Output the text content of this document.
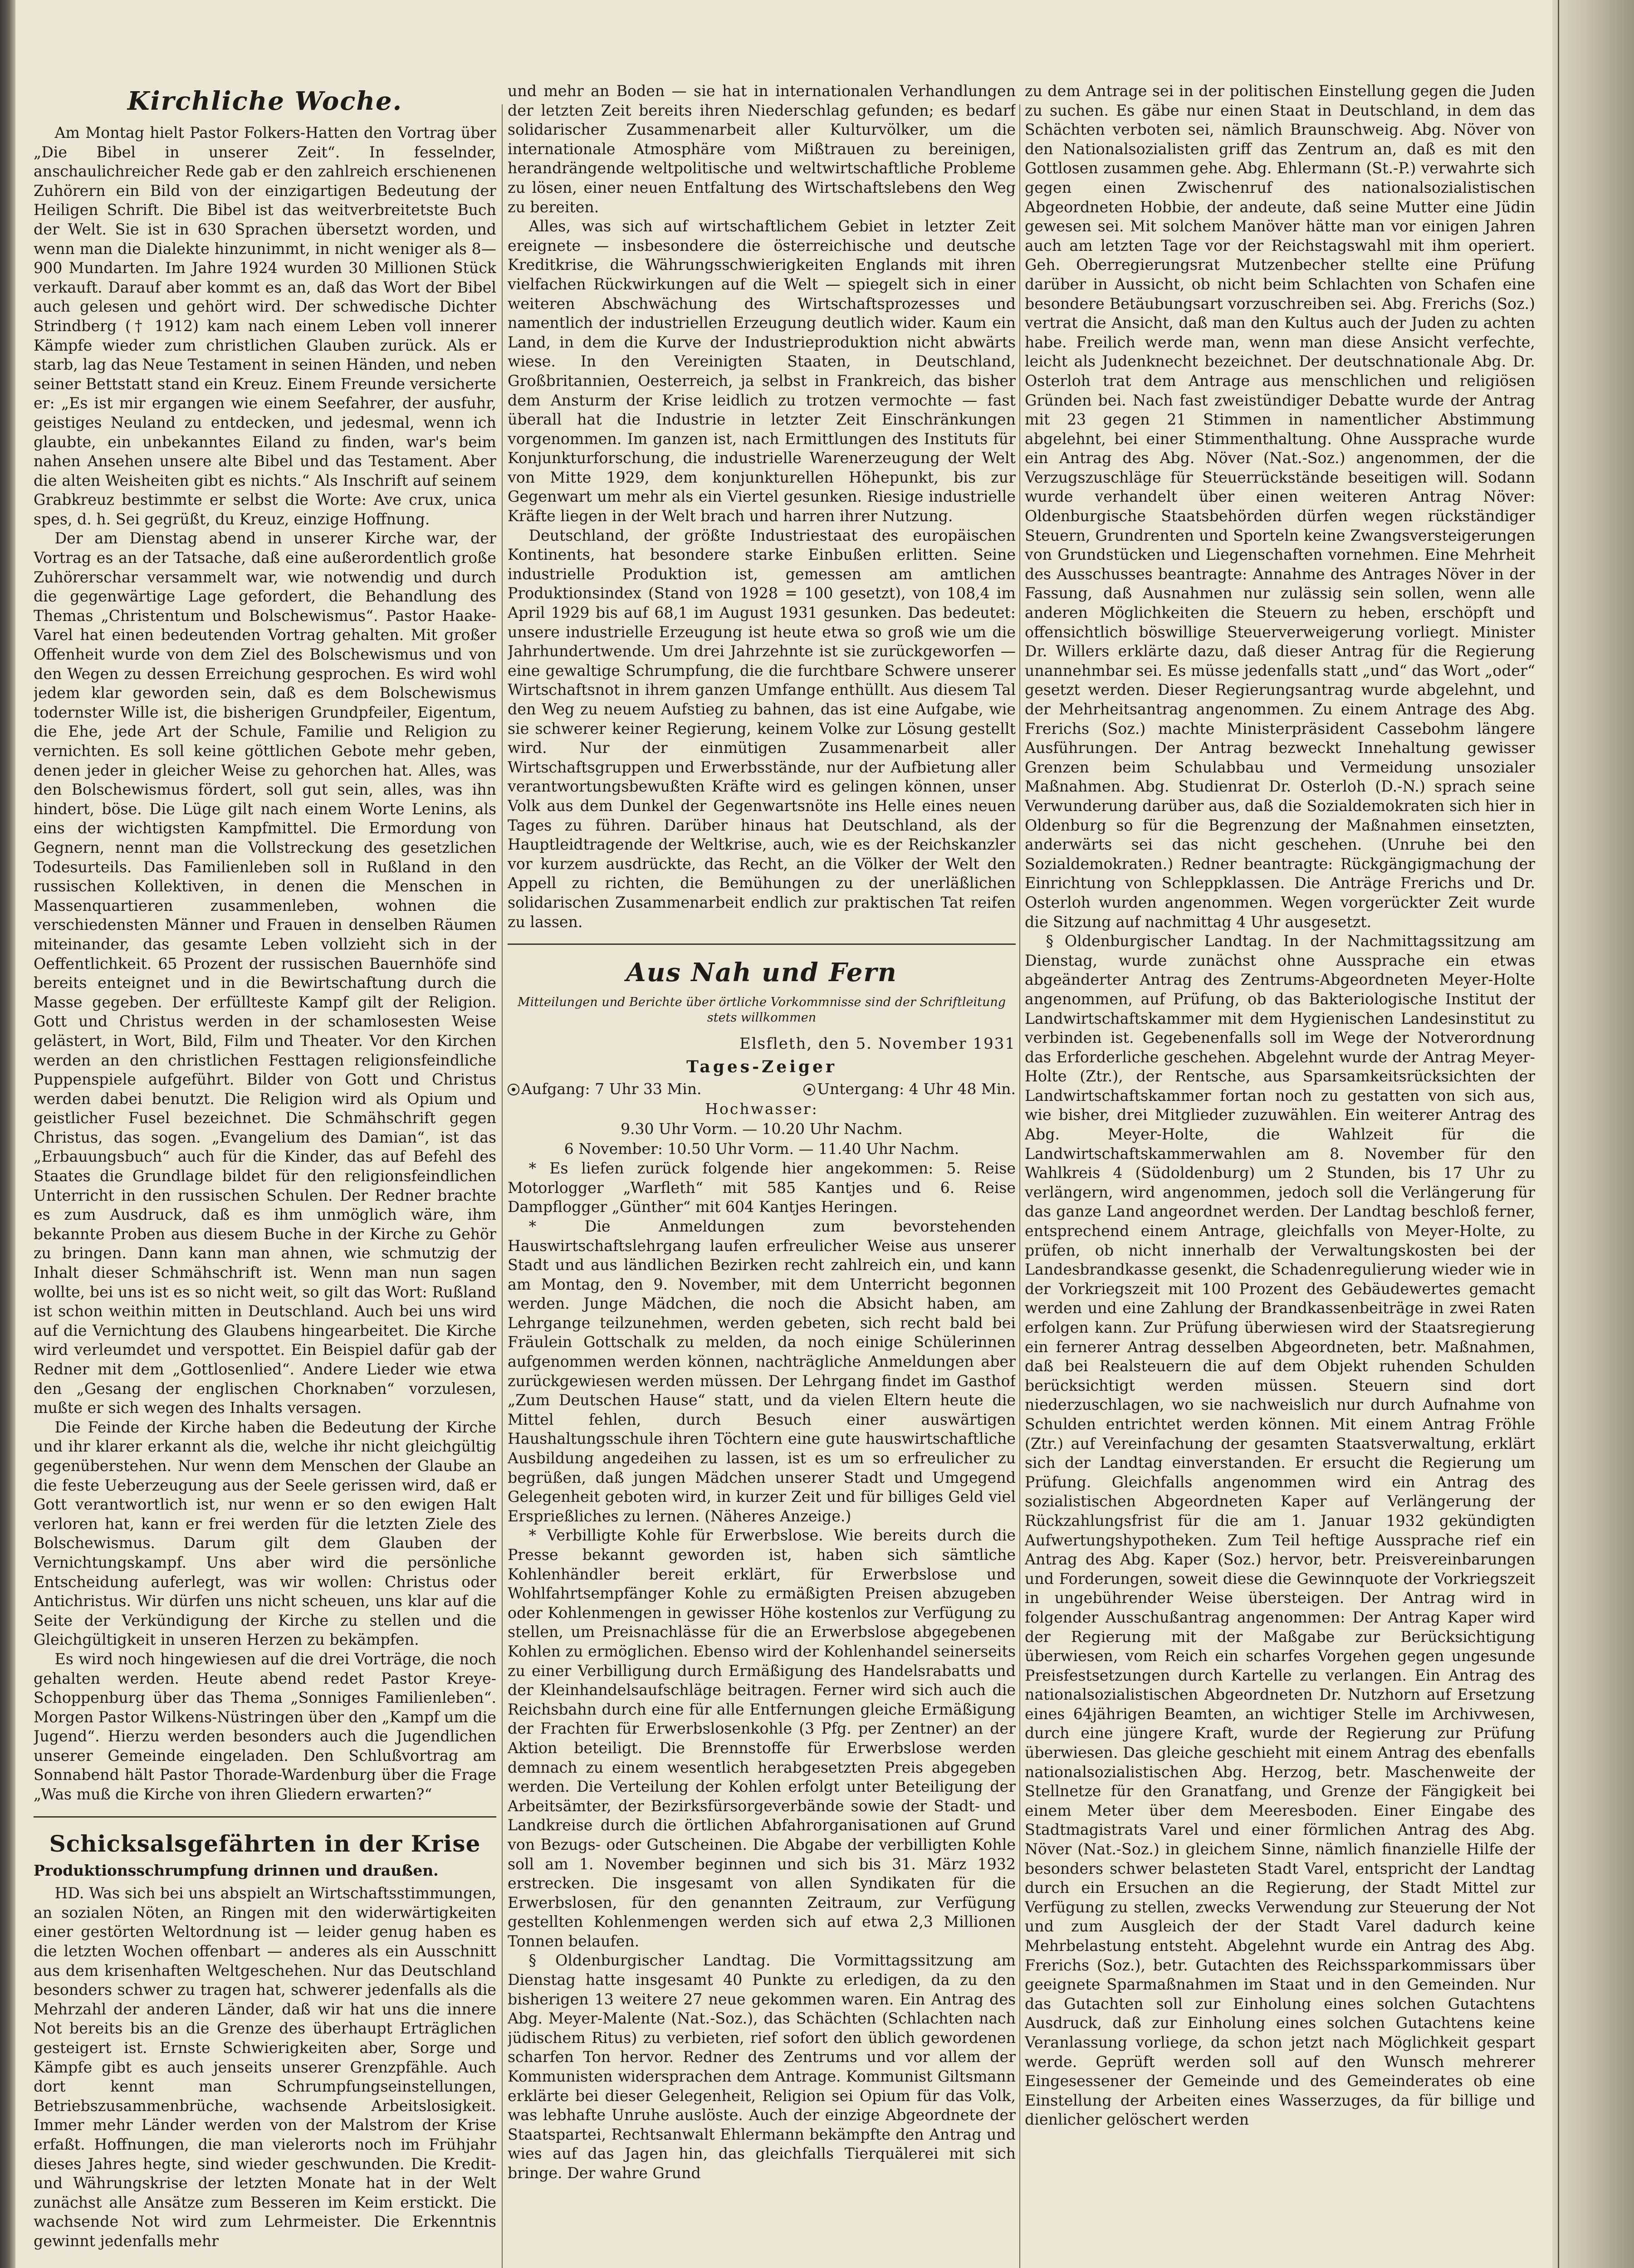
Kirchliche Woche.

Am Montag hielt Pastor Folkers-Hatten den Vortrag über „Die Bibel in unserer Zeit“. In fesselnder, anschaulichreicher Rede gab er den zahlreich erschienenen Zuhörern ein Bild von der einzigartigen Bedeutung der Heiligen Schrift. Die Bibel ist das weitverbreitetste Buch der Welt. Sie ist in 630 Sprachen übersetzt worden, und wenn man die Dialekte hinzunimmt, in nicht weniger als 8—900 Mundarten. Im Jahre 1924 wurden 30 Millionen Stück verkauft. Darauf aber kommt es an, daß das Wort der Bibel auch gelesen und gehört wird. Der schwedische Dichter Strindberg († 1912) kam nach einem Leben voll innerer Kämpfe wieder zum christlichen Glauben zurück. Als er starb, lag das Neue Testament in seinen Händen, und neben seiner Bettstatt stand ein Kreuz. Einem Freunde versicherte er: „Es ist mir ergangen wie einem Seefahrer, der ausfuhr, geistiges Neuland zu entdecken, und jedesmal, wenn ich glaubte, ein unbekanntes Eiland zu finden, war's beim nahen Ansehen unsere alte Bibel und das Testament. Aber die alten Weisheiten gibt es nichts.“ Als Inschrift auf seinem Grabkreuz bestimmte er selbst die Worte: Ave crux, unica spes, d. h. Sei gegrüßt, du Kreuz, einzige Hoffnung.

Der am Dienstag abend in unserer Kirche war, der Vortrag es an der Tatsache, daß eine außerordentlich große Zuhörerschar versammelt war, wie notwendig und durch die gegenwärtige Lage gefordert, die Behandlung des Themas „Christentum und Bolschewismus“. Pastor Haake-Varel hat einen bedeutenden Vortrag gehalten. Mit großer Offenheit wurde von dem Ziel des Bolschewismus und von den Wegen zu dessen Erreichung gesprochen. Es wird wohl jedem klar geworden sein, daß es dem Bolschewismus todernster Wille ist, die bisherigen Grundpfeiler, Eigentum, die Ehe, jede Art der Schule, Familie und Religion zu vernichten. Es soll keine göttlichen Gebote mehr geben, denen jeder in gleicher Weise zu gehorchen hat. Alles, was den Bolschewismus fördert, soll gut sein, alles, was ihn hindert, böse. Die Lüge gilt nach einem Worte Lenins, als eins der wichtigsten Kampfmittel. Die Ermordung von Gegnern, nennt man die Vollstreckung des gesetzlichen Todesurteils. Das Familienleben soll in Rußland in den russischen Kollektiven, in denen die Menschen in Massenquartieren zusammenleben, wohnen die verschiedensten Männer und Frauen in denselben Räumen miteinander, das gesamte Leben vollzieht sich in der Oeffentlichkeit. 65 Prozent der russischen Bauernhöfe sind bereits enteignet und in die Bewirtschaftung durch die Masse gegeben. Der erfüllteste Kampf gilt der Religion. Gott und Christus werden in der schamlosesten Weise gelästert, in Wort, Bild, Film und Theater. Vor den Kirchen werden an den christlichen Festtagen religionsfeindliche Puppenspiele aufgeführt. Bilder von Gott und Christus werden dabei benutzt. Die Religion wird als Opium und geistlicher Fusel bezeichnet. Die Schmähschrift gegen Christus, das sogen. „Evangelium des Damian“, ist das „Erbauungsbuch“ auch für die Kinder, das auf Befehl des Staates die Grundlage bildet für den religionsfeindlichen Unterricht in den russischen Schulen. Der Redner brachte es zum Ausdruck, daß es ihm unmöglich wäre, ihm bekannte Proben aus diesem Buche in der Kirche zu Gehör zu bringen. Dann kann man ahnen, wie schmutzig der Inhalt dieser Schmähschrift ist. Wenn man nun sagen wollte, bei uns ist es so nicht weit, so gilt das Wort: Rußland ist schon weithin mitten in Deutschland. Auch bei uns wird auf die Vernichtung des Glaubens hingearbeitet. Die Kirche wird verleumdet und verspottet. Ein Beispiel dafür gab der Redner mit dem „Gottlosenlied“. Andere Lieder wie etwa den „Gesang der englischen Chorknaben“ vorzulesen, mußte er sich wegen des Inhalts versagen.

Die Feinde der Kirche haben die Bedeutung der Kirche und ihr klarer erkannt als die, welche ihr nicht gleichgültig gegenüberstehen. Nur wenn dem Menschen der Glaube an die feste Ueberzeugung aus der Seele gerissen wird, daß er Gott verantwortlich ist, nur wenn er so den ewigen Halt verloren hat, kann er frei werden für die letzten Ziele des Bolschewismus. Darum gilt dem Glauben der Vernichtungskampf. Uns aber wird die persönliche Entscheidung auferlegt, was wir wollen: Christus oder Antichristus. Wir dürfen uns nicht scheuen, uns klar auf die Seite der Verkündigung der Kirche zu stellen und die Gleichgültigkeit in unseren Herzen zu bekämpfen.

Es wird noch hingewiesen auf die drei Vorträge, die noch gehalten werden. Heute abend redet Pastor Kreye-Schoppenburg über das Thema „Sonniges Familienleben“. Morgen Pastor Wilkens-Nüstringen über den „Kampf um die Jugend“. Hierzu werden besonders auch die Jugendlichen unserer Gemeinde eingeladen. Den Schlußvortrag am Sonnabend hält Pastor Thorade-Wardenburg über die Frage „Was muß die Kirche von ihren Gliedern erwarten?“

Schicksalsgefährten in der Krise

Produktionsschrumpfung drinnen und draußen.

HD. Was sich bei uns abspielt an Wirtschaftsstimmungen, an sozialen Nöten, an Ringen mit den widerwärtigkeiten einer gestörten Weltordnung ist — leider genug haben es die letzten Wochen offenbart — anderes als ein Ausschnitt aus dem krisenhaften Weltgeschehen. Nur das Deutschland besonders schwer zu tragen hat, schwerer jedenfalls als die Mehrzahl der anderen Länder, daß wir hat uns die innere Not bereits bis an die Grenze des überhaupt Erträglichen gesteigert ist. Ernste Schwierigkeiten aber, Sorge und Kämpfe gibt es auch jenseits unserer Grenzpfähle. Auch dort kennt man Schrumpfungseinstellungen, Betriebszusammenbrüche, wachsende Arbeitslosigkeit. Immer mehr Länder werden von der Malstrom der Krise erfaßt. Hoffnungen, die man vielerorts noch im Frühjahr dieses Jahres hegte, sind wieder geschwunden. Die Kredit- und Währungskrise der letzten Monate hat in der Welt zunächst alle Ansätze zum Besseren im Keim erstickt. Die wachsende Not wird zum Lehrmeister. Die Erkenntnis gewinnt jedenfalls mehr

und mehr an Boden — sie hat in internationalen Verhandlungen der letzten Zeit bereits ihren Niederschlag gefunden; es bedarf solidarischer Zusammenarbeit aller Kulturvölker, um die internationale Atmosphäre vom Mißtrauen zu bereinigen, herandrängende weltpolitische und weltwirtschaftliche Probleme zu lösen, einer neuen Entfaltung des Wirtschaftslebens den Weg zu bereiten.

Alles, was sich auf wirtschaftlichem Gebiet in letzter Zeit ereignete — insbesondere die österreichische und deutsche Kreditkrise, die Währungsschwierigkeiten Englands mit ihren vielfachen Rückwirkungen auf die Welt — spiegelt sich in einer weiteren Abschwächung des Wirtschaftsprozesses und namentlich der industriellen Erzeugung deutlich wider. Kaum ein Land, in dem die Kurve der Industrieproduktion nicht abwärts wiese. In den Vereinigten Staaten, in Deutschland, Großbritannien, Oesterreich, ja selbst in Frankreich, das bisher dem Ansturm der Krise leidlich zu trotzen vermochte — fast überall hat die Industrie in letzter Zeit Einschränkungen vorgenommen. Im ganzen ist, nach Ermittlungen des Instituts für Konjunkturforschung, die industrielle Warenerzeugung der Welt von Mitte 1929, dem konjunkturellen Höhepunkt, bis zur Gegenwart um mehr als ein Viertel gesunken. Riesige industrielle Kräfte liegen in der Welt brach und harren ihrer Nutzung.

Deutschland, der größte Industriestaat des europäischen Kontinents, hat besondere starke Einbußen erlitten. Seine industrielle Produktion ist, gemessen am amtlichen Produktionsindex (Stand von 1928 = 100 gesetzt), von 108,4 im April 1929 bis auf 68,1 im August 1931 gesunken. Das bedeutet: unsere industrielle Erzeugung ist heute etwa so groß wie um die Jahrhundertwende. Um drei Jahrzehnte ist sie zurückgeworfen — eine gewaltige Schrumpfung, die die furchtbare Schwere unserer Wirtschaftsnot in ihrem ganzen Umfange enthüllt. Aus diesem Tal den Weg zu neuem Aufstieg zu bahnen, das ist eine Aufgabe, wie sie schwerer keiner Regierung, keinem Volke zur Lösung gestellt wird. Nur der einmütigen Zusammenarbeit aller Wirtschaftsgruppen und Erwerbsstände, nur der Aufbietung aller verantwortungsbewußten Kräfte wird es gelingen können, unser Volk aus dem Dunkel der Gegenwartsnöte ins Helle eines neuen Tages zu führen. Darüber hinaus hat Deutschland, als der Hauptleidtragende der Weltkrise, auch, wie es der Reichskanzler vor kurzem ausdrückte, das Recht, an die Völker der Welt den Appell zu richten, die Bemühungen zu der unerläßlichen solidarischen Zusammenarbeit endlich zur praktischen Tat reifen zu lassen.

Aus Nah und Fern
Mitteilungen und Berichte über örtliche Vorkommnisse sind der Schriftleitung stets willkommen
Elsfleth, den 5. November 1931
Tages-Zeiger
Aufgang: 7 Uhr 33 Min.	Untergang: 4 Uhr 48 Min.
Hochwasser:
9.30 Uhr Vorm. — 10.20 Uhr Nachm.
6 November: 10.50 Uhr Vorm. — 11.40 Uhr Nachm.

* Es liefen zurück folgende hier angekommen: 5. Reise Motorlogger „Warfleth“ mit 585 Kantjes und 6. Reise Dampflogger „Günther“ mit 604 Kantjes Heringen.

* Die Anmeldungen zum bevorstehenden Hauswirtschaftslehrgang laufen erfreulicher Weise aus unserer Stadt und aus ländlichen Bezirken recht zahlreich ein, und kann am Montag, den 9. November, mit dem Unterricht begonnen werden. Junge Mädchen, die noch die Absicht haben, am Lehrgange teilzunehmen, werden gebeten, sich recht bald bei Fräulein Gottschalk zu melden, da noch einige Schülerinnen aufgenommen werden können, nachträgliche Anmeldungen aber zurückgewiesen werden müssen. Der Lehrgang findet im Gasthof „Zum Deutschen Hause“ statt, und da vielen Eltern heute die Mittel fehlen, durch Besuch einer auswärtigen Haushaltungsschule ihren Töchtern eine gute hauswirtschaftliche Ausbildung angedeihen zu lassen, ist es um so erfreulicher zu begrüßen, daß jungen Mädchen unserer Stadt und Umgegend Gelegenheit geboten wird, in kurzer Zeit und für billiges Geld viel Ersprießliches zu lernen. (Näheres Anzeige.)

* Verbilligte Kohle für Erwerbslose. Wie bereits durch die Presse bekannt geworden ist, haben sich sämtliche Kohlenhändler bereit erklärt, für Erwerbslose und Wohlfahrtsempfänger Kohle zu ermäßigten Preisen abzugeben oder Kohlenmengen in gewisser Höhe kostenlos zur Verfügung zu stellen, um Preisnachlässe für die an Erwerbslose abgegebenen Kohlen zu ermöglichen. Ebenso wird der Kohlenhandel seinerseits zu einer Verbilligung durch Ermäßigung des Handelsrabatts und der Kleinhandelsaufschläge beitragen. Ferner wird sich auch die Reichsbahn durch eine für alle Entfernungen gleiche Ermäßigung der Frachten für Erwerbslosenkohle (3 Pfg. per Zentner) an der Aktion beteiligt. Die Brennstoffe für Erwerbslose werden demnach zu einem wesentlich herabgesetzten Preis abgegeben werden. Die Verteilung der Kohlen erfolgt unter Beteiligung der Arbeitsämter, der Bezirksfürsorgeverbände sowie der Stadt- und Landkreise durch die örtlichen Abfahrorganisationen auf Grund von Bezugs- oder Gutscheinen. Die Abgabe der verbilligten Kohle soll am 1. November beginnen und sich bis 31. März 1932 erstrecken. Die insgesamt von allen Syndikaten für die Erwerbslosen, für den genannten Zeitraum, zur Verfügung gestellten Kohlenmengen werden sich auf etwa 2,3 Millionen Tonnen belaufen.

§ Oldenburgischer Landtag. Die Vormittagssitzung am Dienstag hatte insgesamt 40 Punkte zu erledigen, da zu den bisherigen 13 weitere 27 neue gekommen waren. Ein Antrag des Abg. Meyer-Malente (Nat.-Soz.), das Schächten (Schlachten nach jüdischem Ritus) zu verbieten, rief sofort den üblich gewordenen scharfen Ton hervor. Redner des Zentrums und vor allem der Kommunisten widersprachen dem Antrage. Kommunist Giltsmann erklärte bei dieser Gelegenheit, Religion sei Opium für das Volk, was lebhafte Unruhe auslöste. Auch der einzige Abgeordnete der Staatspartei, Rechtsanwalt Ehlermann bekämpfte den Antrag und wies auf das Jagen hin, das gleichfalls Tierquälerei mit sich bringe. Der wahre Grund

zu dem Antrage sei in der politischen Einstellung gegen die Juden zu suchen. Es gäbe nur einen Staat in Deutschland, in dem das Schächten verboten sei, nämlich Braunschweig. Abg. Növer von den Nationalsozialisten griff das Zentrum an, daß es mit den Gottlosen zusammen gehe. Abg. Ehlermann (St.-P.) verwahrte sich gegen einen Zwischenruf des nationalsozialistischen Abgeordneten Hobbie, der andeute, daß seine Mutter eine Jüdin gewesen sei. Mit solchem Manöver hätte man vor einigen Jahren auch am letzten Tage vor der Reichstagswahl mit ihm operiert. Geh. Oberregierungsrat Mutzenbecher stellte eine Prüfung darüber in Aussicht, ob nicht beim Schlachten von Schafen eine besondere Betäubungsart vorzuschreiben sei. Abg. Frerichs (Soz.) vertrat die Ansicht, daß man den Kultus auch der Juden zu achten habe. Freilich werde man, wenn man diese Ansicht verfechte, leicht als Judenknecht bezeichnet. Der deutschnationale Abg. Dr. Osterloh trat dem Antrage aus menschlichen und religiösen Gründen bei. Nach fast zweistündiger Debatte wurde der Antrag mit 23 gegen 21 Stimmen in namentlicher Abstimmung abgelehnt, bei einer Stimmenthaltung. Ohne Aussprache wurde ein Antrag des Abg. Növer (Nat.-Soz.) angenommen, der die Verzugszuschläge für Steuerrückstände beseitigen will. Sodann wurde verhandelt über einen weiteren Antrag Növer: Oldenburgische Staatsbehörden dürfen wegen rückständiger Steuern, Grundrenten und Sporteln keine Zwangsversteigerungen von Grundstücken und Liegenschaften vornehmen. Eine Mehrheit des Ausschusses beantragte: Annahme des Antrages Növer in der Fassung, daß Ausnahmen nur zulässig sein sollen, wenn alle anderen Möglichkeiten die Steuern zu heben, erschöpft und offensichtlich böswillige Steuerverweigerung vorliegt. Minister Dr. Willers erklärte dazu, daß dieser Antrag für die Regierung unannehmbar sei. Es müsse jedenfalls statt „und“ das Wort „oder“ gesetzt werden. Dieser Regierungsantrag wurde abgelehnt, und der Mehrheitsantrag angenommen. Zu einem Antrage des Abg. Frerichs (Soz.) machte Ministerpräsident Cassebohm längere Ausführungen. Der Antrag bezweckt Innehaltung gewisser Grenzen beim Schulabbau und Vermeidung unsozialer Maßnahmen. Abg. Studienrat Dr. Osterloh (D.-N.) sprach seine Verwunderung darüber aus, daß die Sozialdemokraten sich hier in Oldenburg so für die Begrenzung der Maßnahmen einsetzten, anderwärts sei das nicht geschehen. (Unruhe bei den Sozialdemokraten.) Redner beantragte: Rückgängigmachung der Einrichtung von Schleppklassen. Die Anträge Frerichs und Dr. Osterloh wurden angenommen. Wegen vorgerückter Zeit wurde die Sitzung auf nachmittag 4 Uhr ausgesetzt.

§ Oldenburgischer Landtag. In der Nachmittagssitzung am Dienstag, wurde zunächst ohne Aussprache ein etwas abgeänderter Antrag des Zentrums-Abgeordneten Meyer-Holte angenommen, auf Prüfung, ob das Bakteriologische Institut der Landwirtschaftskammer mit dem Hygienischen Landesinstitut zu verbinden ist. Gegebenenfalls soll im Wege der Notverordnung das Erforderliche geschehen. Abgelehnt wurde der Antrag Meyer-Holte (Ztr.), der Rentsche, aus Sparsamkeitsrücksichten der Landwirtschaftskammer fortan noch zu gestatten von sich aus, wie bisher, drei Mitglieder zuzuwählen. Ein weiterer Antrag des Abg. Meyer-Holte, die Wahlzeit für die Landwirtschaftskammerwahlen am 8. November für den Wahlkreis 4 (Südoldenburg) um 2 Stunden, bis 17 Uhr zu verlängern, wird angenommen, jedoch soll die Verlängerung für das ganze Land angeordnet werden. Der Landtag beschloß ferner, entsprechend einem Antrage, gleichfalls von Meyer-Holte, zu prüfen, ob nicht innerhalb der Verwaltungskosten bei der Landesbrandkasse gesenkt, die Schadenregulierung wieder wie in der Vorkriegszeit mit 100 Prozent des Gebäudewertes gemacht werden und eine Zahlung der Brandkassenbeiträge in zwei Raten erfolgen kann. Zur Prüfung überwiesen wird der Staatsregierung ein fernerer Antrag desselben Abgeordneten, betr. Maßnahmen, daß bei Realsteuern die auf dem Objekt ruhenden Schulden berücksichtigt werden müssen. Steuern sind dort niederzuschlagen, wo sie nachweislich nur durch Aufnahme von Schulden entrichtet werden können. Mit einem Antrag Fröhle (Ztr.) auf Vereinfachung der gesamten Staatsverwaltung, erklärt sich der Landtag einverstanden. Er ersucht die Regierung um Prüfung. Gleichfalls angenommen wird ein Antrag des sozialistischen Abgeordneten Kaper auf Verlängerung der Rückzahlungsfrist für die am 1. Januar 1932 gekündigten Aufwertungshypotheken. Zum Teil heftige Aussprache rief ein Antrag des Abg. Kaper (Soz.) hervor, betr. Preisvereinbarungen und Forderungen, soweit diese die Gewinnquote der Vorkriegszeit in ungebührender Weise übersteigen. Der Antrag wird in folgender Ausschußantrag angenommen: Der Antrag Kaper wird der Regierung mit der Maßgabe zur Berücksichtigung überwiesen, vom Reich ein scharfes Vorgehen gegen ungesunde Preisfestsetzungen durch Kartelle zu verlangen. Ein Antrag des nationalsozialistischen Abgeordneten Dr. Nutzhorn auf Ersetzung eines 64jährigen Beamten, an wichtiger Stelle im Archivwesen, durch eine jüngere Kraft, wurde der Regierung zur Prüfung überwiesen. Das gleiche geschieht mit einem Antrag des ebenfalls nationalsozialistischen Abg. Herzog, betr. Maschenweite der Stellnetze für den Granatfang, und Grenze der Fängigkeit bei einem Meter über dem Meeresboden. Einer Eingabe des Stadtmagistrats Varel und einer förmlichen Antrag des Abg. Növer (Nat.-Soz.) in gleichem Sinne, nämlich finanzielle Hilfe der besonders schwer belasteten Stadt Varel, entspricht der Landtag durch ein Ersuchen an die Regierung, der Stadt Mittel zur Verfügung zu stellen, zwecks Verwendung zur Steuerung der Not und zum Ausgleich der der Stadt Varel dadurch keine Mehrbelastung entsteht. Abgelehnt wurde ein Antrag des Abg. Frerichs (Soz.), betr. Gutachten des Reichssparkommissars über geeignete Sparmaßnahmen im Staat und in den Gemeinden. Nur das Gutachten soll zur Einholung eines solchen Gutachtens Ausdruck, daß zur Einholung eines solchen Gutachtens keine Veranlassung vorliege, da schon jetzt nach Möglichkeit gespart werde. Geprüft werden soll auf den Wunsch mehrerer Eingesessener der Gemeinde und des Gemeinderates ob eine Einstellung der Arbeiten eines Wasserzuges, da für billige und dienlicher gelöschert werden
